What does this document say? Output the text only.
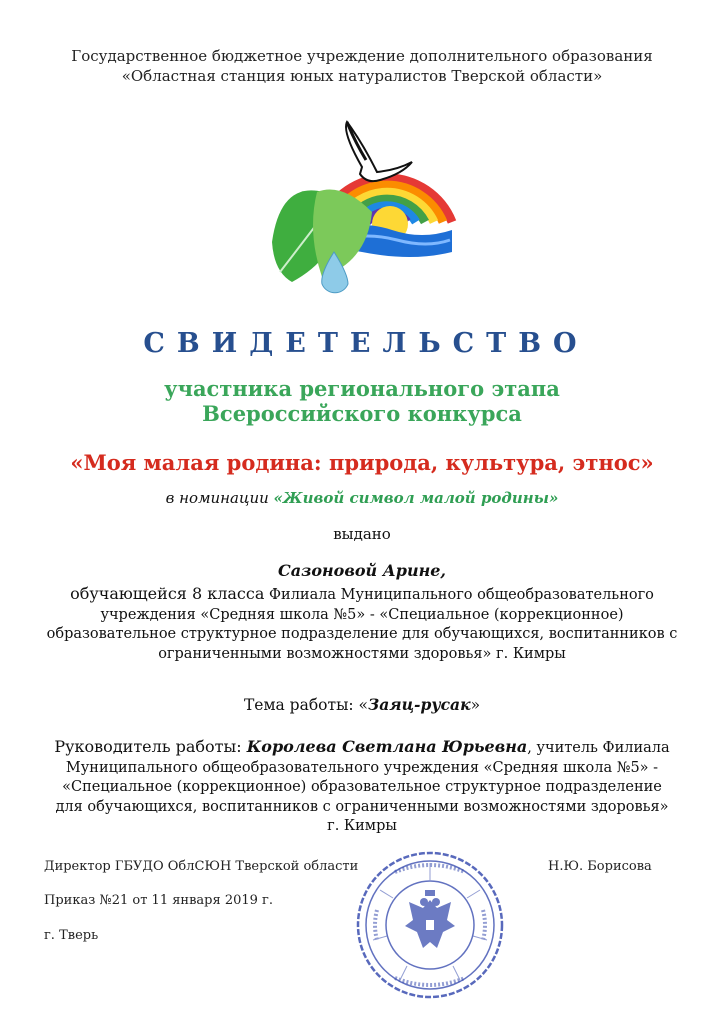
Государственное бюджетное учреждение дополнительного образования
«Областная станция юных натуралистов Тверской области»
СВИДЕТЕЛЬСТВО
участника регионального этапа
Всероссийского конкурса
«Моя малая родина: природа, культура, этнос»
в номинации «Живой символ малой родины»
выдано
Сазоновой Арине,
обучающейся 8 класса Филиала Муниципального общеобразовательного
учреждения «Средняя школа №5» - «Специальное (коррекционное)
образовательное структурное подразделение для обучающихся, воспитанников с
ограниченными возможностями здоровья» г. Кимры
Тема работы: «Заяц-русак»
Руководитель работы: Королева Светлана Юрьевна, учитель Филиала
Муниципального общеобразовательного учреждения «Средняя школа №5» -
«Специальное (коррекционное) образовательное структурное подразделение
для обучающихся, воспитанников с ограниченными возможностями здоровья»
г. Кимры
Директор ГБУДО ОблСЮН Тверской области	Н.Ю. Борисова
Приказ №21 от 11 января 2019 г.
г. Тверь
